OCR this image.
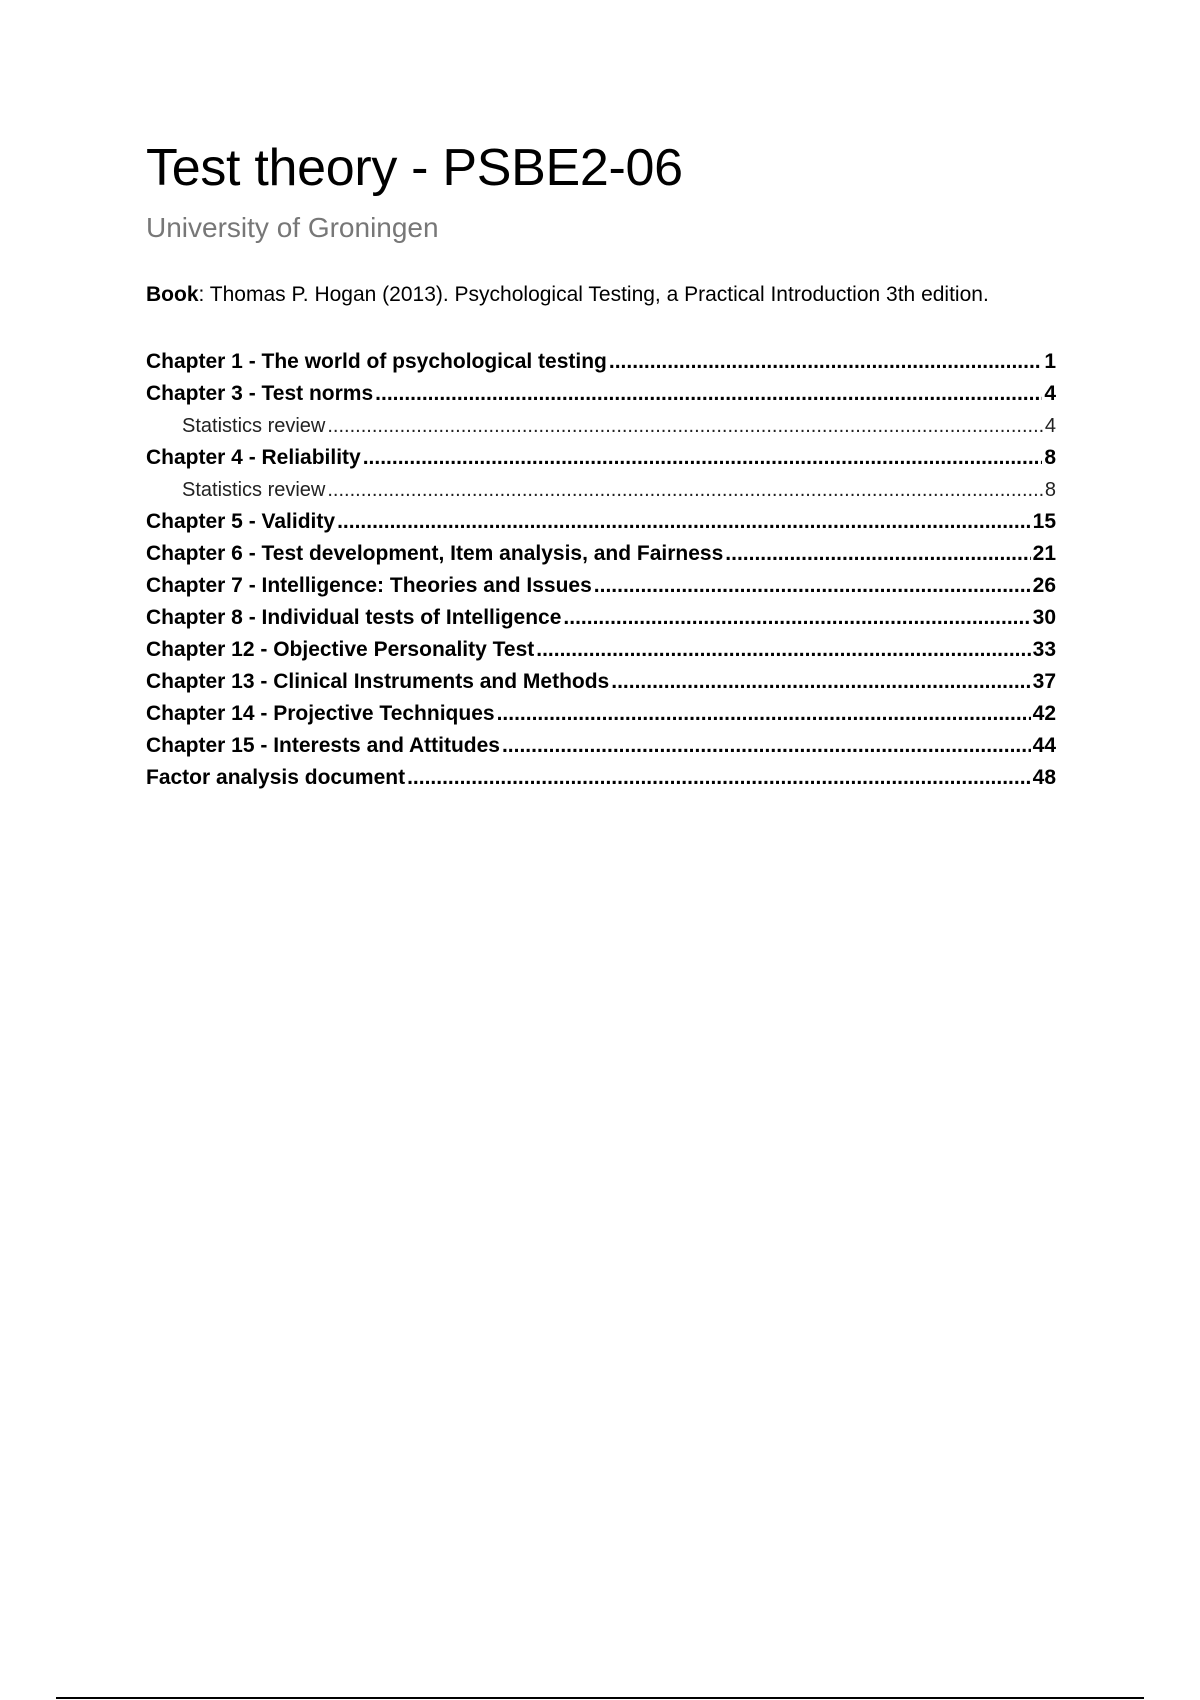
Test theory - PSBE2-06
University of Groningen
Book: Thomas P. Hogan (2013). Psychological Testing, a Practical Introduction 3th edition.
Chapter 1 - The world of psychological testing .....	1
Chapter 3 - Test norms .....	4
Statistics review .....	4
Chapter 4 - Reliability .....	8
Statistics review .....	8
Chapter 5 - Validity .....	15
Chapter 6 - Test development, Item analysis, and Fairness .....	21
Chapter 7 - Intelligence: Theories and Issues .....	26
Chapter 8 - Individual tests of Intelligence .....	30
Chapter 12 - Objective Personality Test .....	33
Chapter 13 - Clinical Instruments and Methods .....	37
Chapter 14 - Projective Techniques .....	42
Chapter 15 - Interests and Attitudes .....	44
Factor analysis document .....	48
